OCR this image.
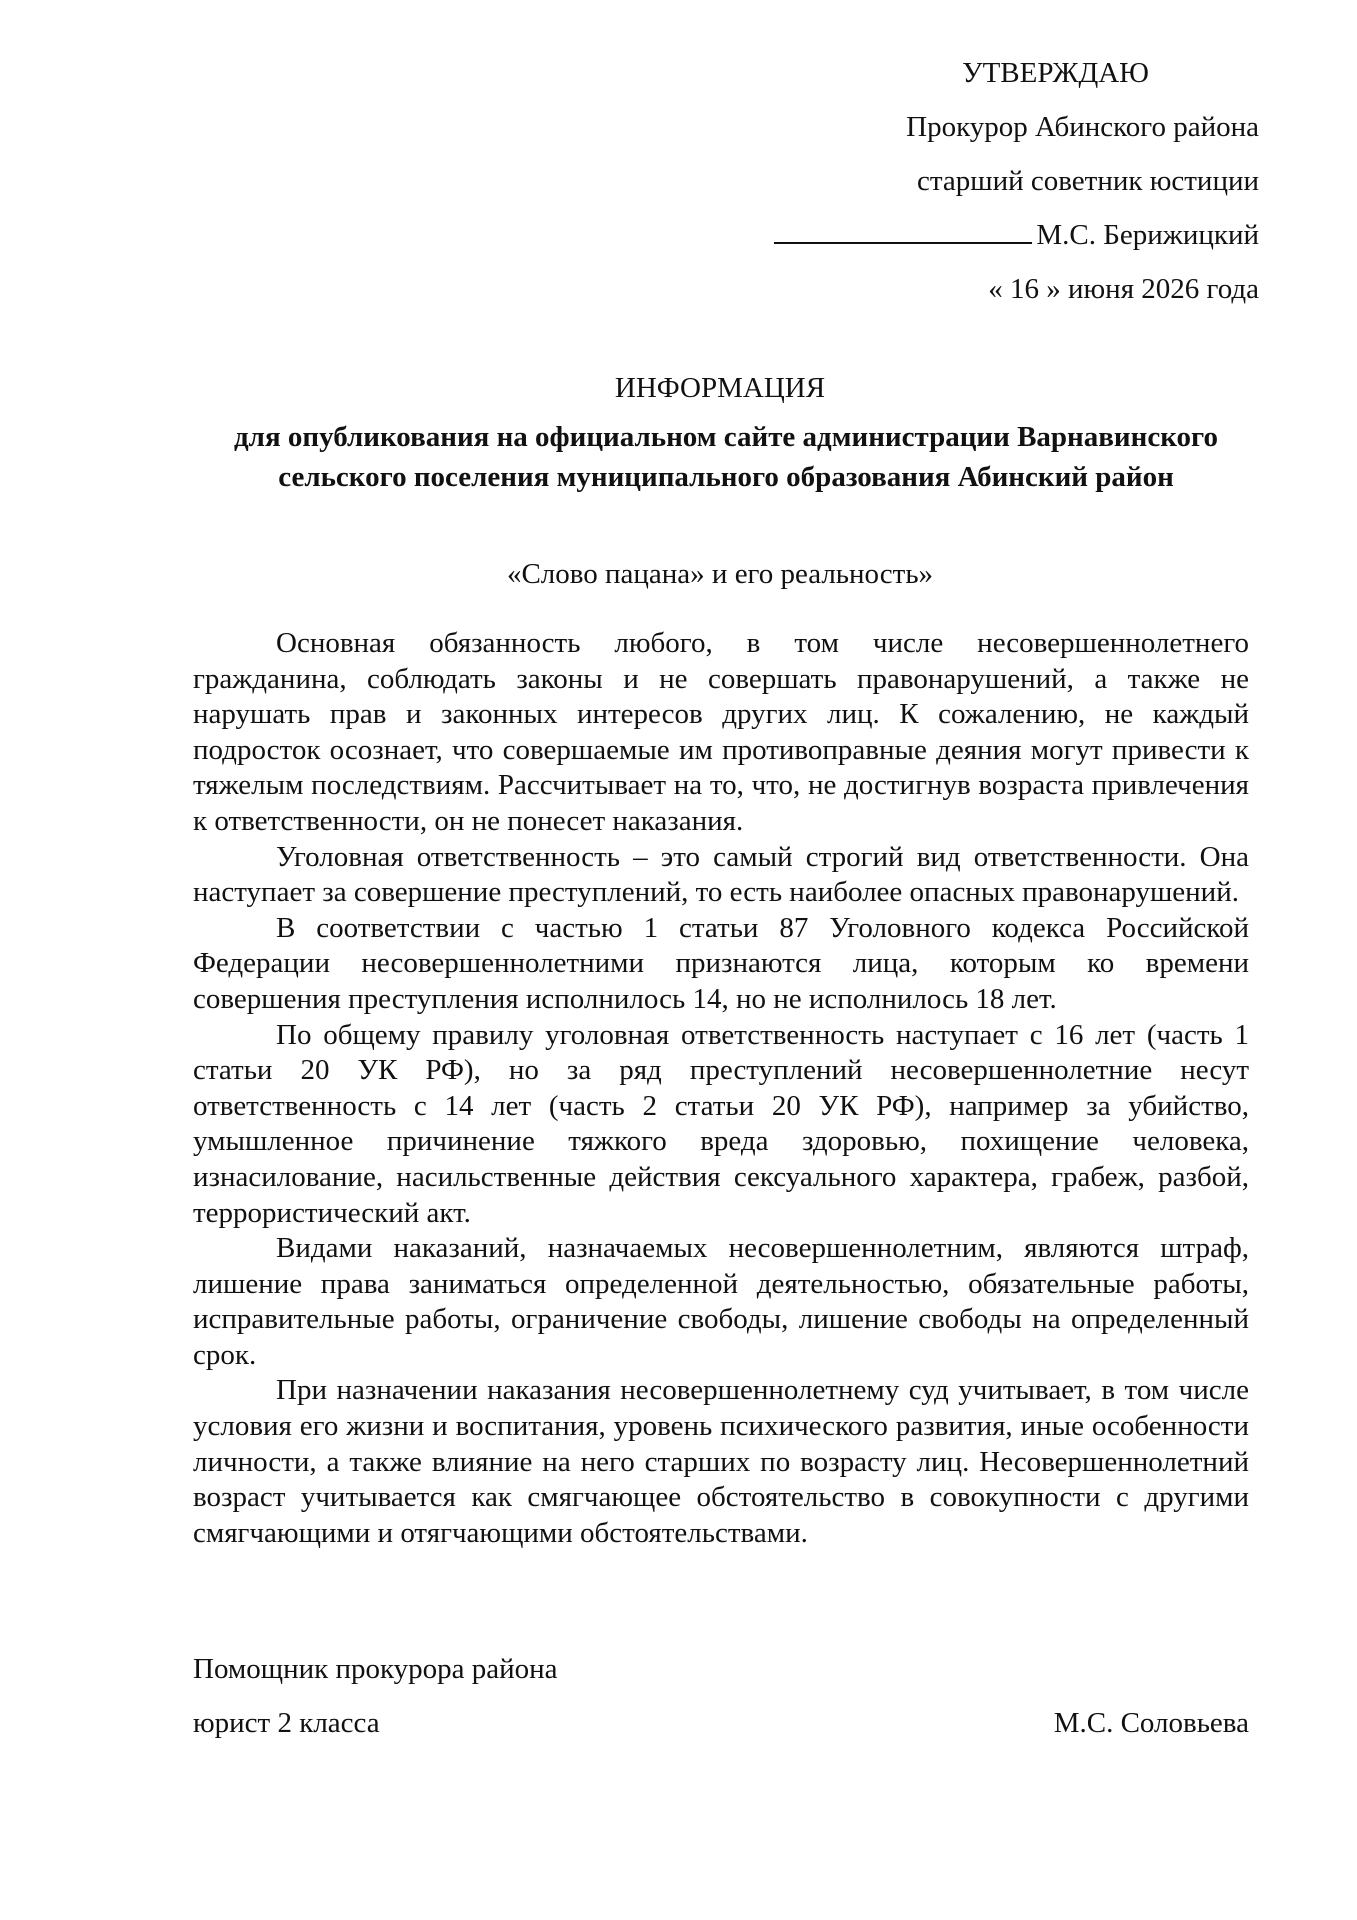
УТВЕРЖДАЮ
Прокурор Абинского района
старший советник юстиции
М.С. Берижицкий
« 16 » июня 2026 года
ИНФОРМАЦИЯ
для опубликования на официальном сайте администрации Варнавинского сельского поселения муниципального образования Абинский район
«Слово пацана» и его реальность»

Основная обязанность любого, в том числе несовершеннолетнего гражданина, соблюдать законы и не совершать правонарушений, а также не нарушать прав и законных интересов других лиц. К сожалению, не каждый подросток осознает, что совершаемые им противоправные деяния могут привести к тяжелым последствиям. Рассчитывает на то, что, не достигнув возраста привлечения к ответственности, он не понесет наказания.

Уголовная ответственность – это самый строгий вид ответственности. Она наступает за совершение преступлений, то есть наиболее опасных правонарушений.

В соответствии с частью 1 статьи 87 Уголовного кодекса Российской Федерации несовершеннолетними признаются лица, которым ко времени совершения преступления исполнилось 14, но не исполнилось 18 лет.

По общему правилу уголовная ответственность наступает с 16 лет (часть 1 статьи 20 УК РФ), но за ряд преступлений несовершеннолетние несут ответственность с 14 лет (часть 2 статьи 20 УК РФ), например за убийство, умышленное причинение тяжкого вреда здоровью, похищение человека, изнасилование, насильственные действия сексуального характера, грабеж, разбой, террористический акт.

Видами наказаний, назначаемых несовершеннолетним, являются штраф, лишение права заниматься определенной деятельностью, обязательные работы, исправительные работы, ограничение свободы, лишение свободы на определенный срок.

При назначении наказания несовершеннолетнему суд учитывает, в том числе условия его жизни и воспитания, уровень психического развития, иные особенности личности, а также влияние на него старших по возрасту лиц. Несовершеннолетний возраст учитывается как смягчающее обстоятельство в совокупности с другими смягчающими и отягчающими обстоятельствами.

Помощник прокурора района
юрист 2 класса	М.С. Соловьева
